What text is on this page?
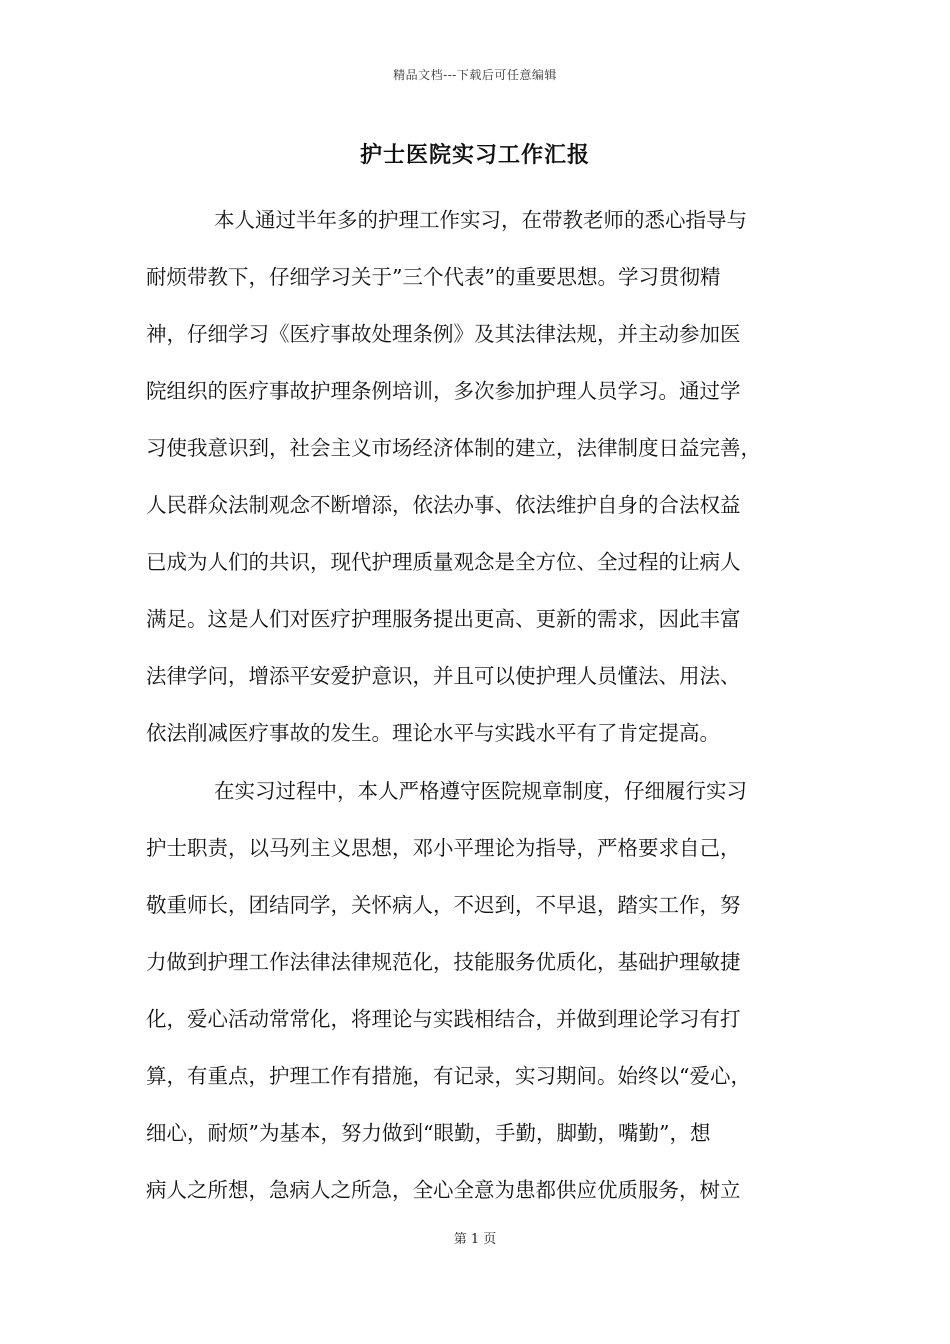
精品文档---下载后可任意编辑
护士医院实习工作汇报
本人通过半年多的护理工作实习，在带教老师的悉心指导与
耐烦带教下，仔细学习关于”三个代表”的重要思想。学习贯彻精
神，仔细学习《医疗事故处理条例》及其法律法规，并主动参加医
院组织的医疗事故护理条例培训，多次参加护理人员学习。通过学
习使我意识到，社会主义市场经济体制的建立，法律制度日益完善，
人民群众法制观念不断增添，依法办事、依法维护自身的合法权益
已成为人们的共识，现代护理质量观念是全方位、全过程的让病人
满足。这是人们对医疗护理服务提出更高、更新的需求，因此丰富
法律学问，增添平安爱护意识，并且可以使护理人员懂法、用法、
依法削减医疗事故的发生。理论水平与实践水平有了肯定提高。
在实习过程中，本人严格遵守医院规章制度，仔细履行实习
护士职责，以马列主义思想，邓小平理论为指导，严格要求自己，
敬重师长，团结同学，关怀病人，不迟到，不早退，踏实工作，努
力做到护理工作法律法律规范化，技能服务优质化，基础护理敏捷
化，爱心活动常常化，将理论与实践相结合，并做到理论学习有打
算，有重点，护理工作有措施，有记录，实习期间。始终以“爱心，
细心，耐烦”为基本，努力做到“眼勤，手勤，脚勤，嘴勤”，想
病人之所想，急病人之所急，全心全意为患都供应优质服务，树立
第 1 页
